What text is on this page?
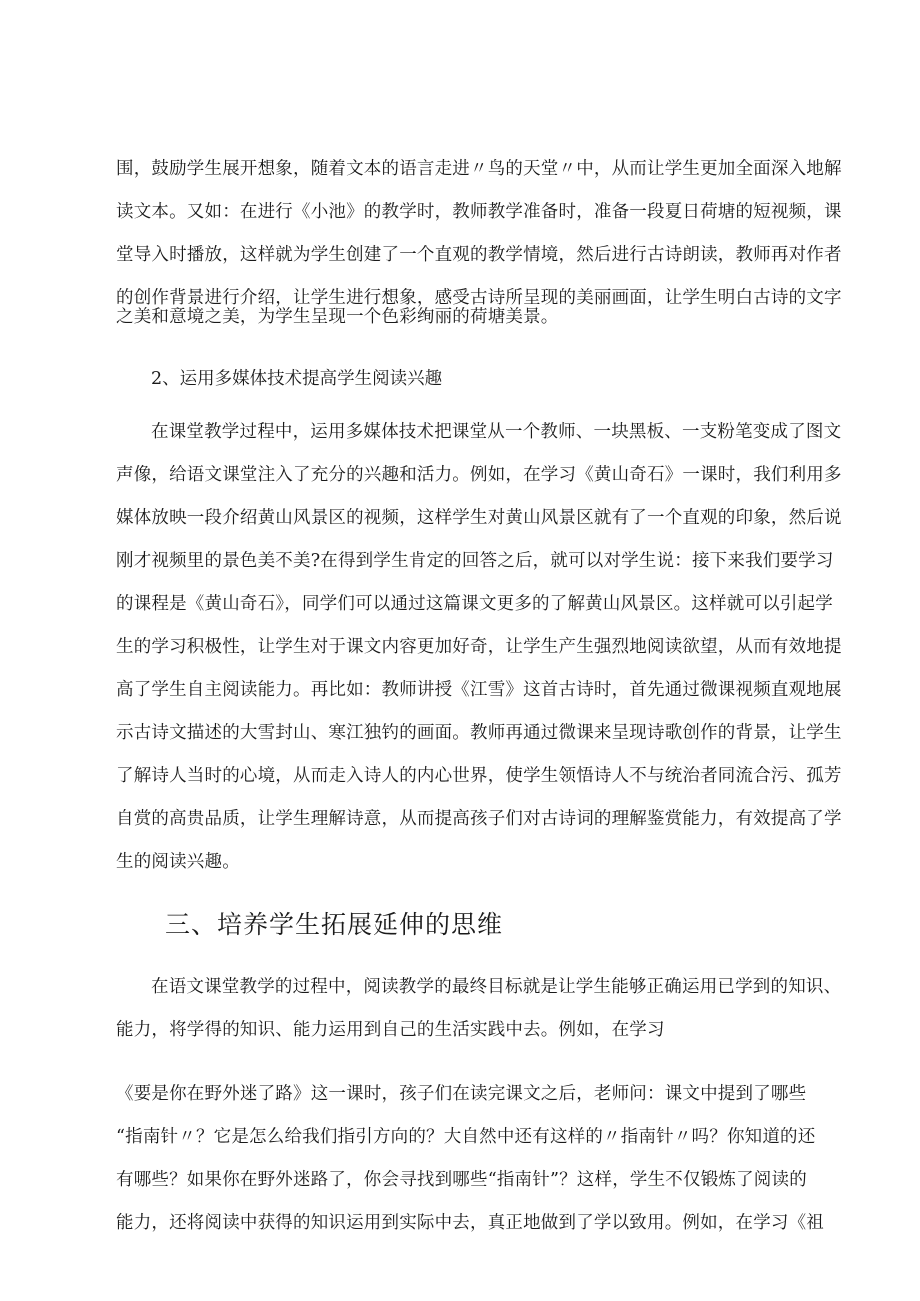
围，鼓励学生展开想象，随着文本的语言走进〃鸟的天堂〃中，从而让学生更加全面深入地解
读文本。又如：在进行《小池》的教学时，教师教学准备时，准备一段夏日荷塘的短视频，课
堂导入时播放，这样就为学生创建了一个直观的教学情境，然后进行古诗朗读，教师再对作者
的创作背景进行介绍，让学生进行想象，感受古诗所呈现的美丽画面，让学生明白古诗的文字
之美和意境之美，为学生呈现一个色彩绚丽的荷塘美景。
2、运用多媒体技术提高学生阅读兴趣
在课堂教学过程中，运用多媒体技术把课堂从一个教师、一块黑板、一支粉笔变成了图文
声像，给语文课堂注入了充分的兴趣和活力。例如，在学习《黄山奇石》一课时，我们利用多
媒体放映一段介绍黄山风景区的视频，这样学生对黄山风景区就有了一个直观的印象，然后说
刚才视频里的景色美不美?在得到学生肯定的回答之后，就可以对学生说：接下来我们要学习
的课程是《黄山奇石》，同学们可以通过这篇课文更多的了解黄山风景区。这样就可以引起学
生的学习积极性，让学生对于课文内容更加好奇，让学生产生强烈地阅读欲望，从而有效地提
高了学生自主阅读能力。再比如：教师讲授《江雪》这首古诗时，首先通过微课视频直观地展
示古诗文描述的大雪封山、寒江独钓的画面。教师再通过微课来呈现诗歌创作的背景，让学生
了解诗人当时的心境，从而走入诗人的内心世界，使学生领悟诗人不与统治者同流合污、孤芳
自赏的高贵品质，让学生理解诗意，从而提高孩子们对古诗词的理解鉴赏能力，有效提高了学
生的阅读兴趣。
三、培养学生拓展延伸的思维
在语文课堂教学的过程中，阅读教学的最终目标就是让学生能够正确运用已学到的知识、
能力，将学得的知识、能力运用到自己的生活实践中去。例如，在学习
《要是你在野外迷了路》这一课时，孩子们在读完课文之后，老师问：课文中提到了哪些
“指南针〃？它是怎么给我们指引方向的？大自然中还有这样的〃指南针〃吗？你知道的还
有哪些？如果你在野外迷路了，你会寻找到哪些“指南针”？这样，学生不仅锻炼了阅读的
能力，还将阅读中获得的知识运用到实际中去，真正地做到了学以致用。例如，在学习《祖
